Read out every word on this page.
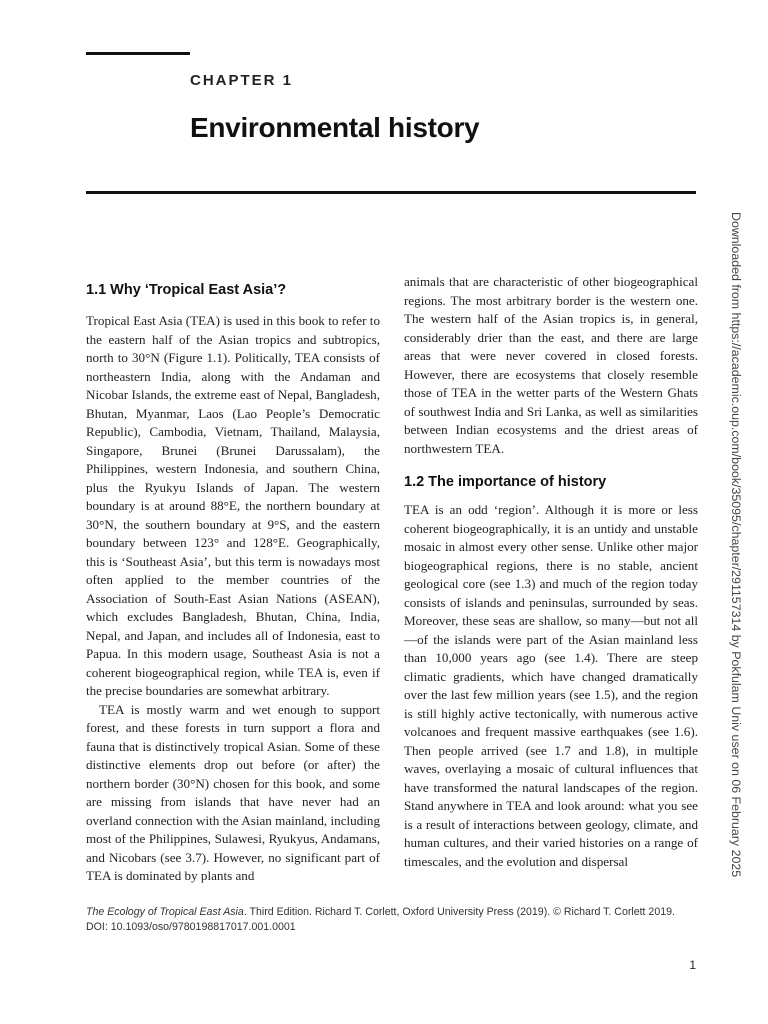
CHAPTER 1
Environmental history
1.1 Why ‘Tropical East Asia’?

Tropical East Asia (TEA) is used in this book to refer to the eastern half of the Asian tropics and subtropics, north to 30°N (Figure 1.1). Politically, TEA consists of northeastern India, along with the Andaman and Nicobar Islands, the extreme east of Nepal, Bangladesh, Bhutan, Myanmar, Laos (Lao People’s Democratic Republic), Cambodia, Vietnam, Thailand, Malaysia, Singapore, Brunei (Brunei Darussalam), the Philippines, western Indonesia, and southern China, plus the Ryukyu Islands of Japan. The western boundary is at around 88°E, the northern boundary at 30°N, the southern boundary at 9°S, and the eastern boundary between 123° and 128°E. Geographically, this is ‘Southeast Asia’, but this term is nowadays most often applied to the member countries of the Association of South-East Asian Nations (ASEAN), which excludes Bangladesh, Bhutan, China, India, Nepal, and Japan, and includes all of Indonesia, east to Papua. In this modern usage, Southeast Asia is not a coherent biogeographical region, while TEA is, even if the precise boundaries are somewhat arbitrary.

TEA is mostly warm and wet enough to support forest, and these forests in turn support a flora and fauna that is distinctively tropical Asian. Some of these distinctive elements drop out before (or after) the northern border (30°N) chosen for this book, and some are missing from islands that have never had an overland connection with the Asian mainland, including most of the Philippines, Sulawesi, Ryukyus, Andamans, and Nicobars (see 3.7). However, no significant part of TEA is dominated by plants and

animals that are characteristic of other biogeographical regions. The most arbitrary border is the western one. The western half of the Asian tropics is, in general, considerably drier than the east, and there are large areas that were never covered in closed forests. However, there are ecosystems that closely resemble those of TEA in the wetter parts of the Western Ghats of southwest India and Sri Lanka, as well as similarities between Indian ecosystems and the driest areas of northwestern TEA.

1.2 The importance of history

TEA is an odd ‘region’. Although it is more or less coherent biogeographically, it is an untidy and unstable mosaic in almost every other sense. Unlike other major biogeographical regions, there is no stable, ancient geological core (see 1.3) and much of the region today consists of islands and peninsulas, surrounded by seas. Moreover, these seas are shallow, so many—but not all—of the islands were part of the Asian mainland less than 10,000 years ago (see 1.4). There are steep climatic gradients, which have changed dramatically over the last few million years (see 1.5), and the region is still highly active tectonically, with numerous active volcanoes and frequent massive earthquakes (see 1.6). Then people arrived (see 1.7 and 1.8), in multiple waves, overlaying a mosaic of cultural influences that have transformed the natural landscapes of the region. Stand anywhere in TEA and look around: what you see is a result of interactions between geology, climate, and human cultures, and their varied histories on a range of timescales, and the evolution and dispersal

The Ecology of Tropical East Asia. Third Edition. Richard T. Corlett, Oxford University Press (2019). © Richard T. Corlett 2019.
DOI: 10.1093/oso/9780198817017.001.0001
1
Downloaded from https://academic.oup.com/book/35095/chapter/291157314 by Pokfulam Univ user on 06 February 2025
